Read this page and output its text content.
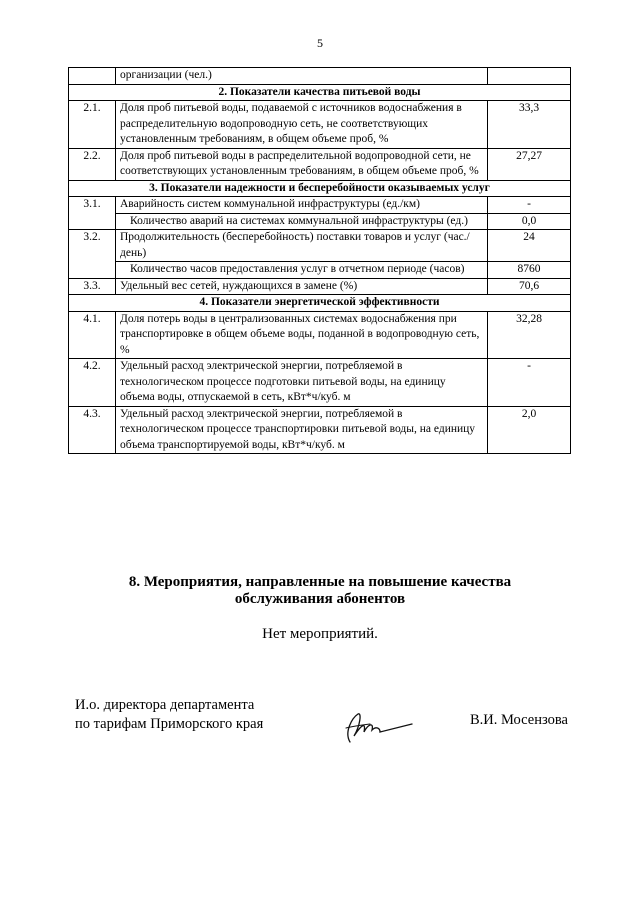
5
	организации (чел.)	
2. Показатели качества питьевой воды		
2.1.	Доля проб питьевой воды, подаваемой с источников водоснабжения в распределительную водопроводную сеть, не соответствующих установленным требованиям, в общем объеме проб, %	33,3
2.2.	Доля проб питьевой воды в распределительной водопроводной сети, не соответствующих установленным требованиям, в общем объеме проб, %	27,27
3. Показатели надежности и бесперебойности оказываемых услуг		
3.1.	Аварийность систем коммунальной инфраструктуры (ед./км)	-
	Количество аварий на системах коммунальной инфраструктуры (ед.)	0,0
3.2.	Продолжительность (бесперебойность) поставки товаров и услуг (час./день)	24
	Количество часов предоставления услуг в отчетном периоде (часов)	8760
3.3.	Удельный вес сетей, нуждающихся в замене (%)	70,6
4. Показатели энергетической эффективности		
4.1.	Доля потерь воды в централизованных системах водоснабжения при транспортировке в общем объеме воды, поданной в водопроводную сеть, %	32,28
4.2.	Удельный расход электрической энергии, потребляемой в технологическом процессе подготовки питьевой воды, на единицу объема воды, отпускаемой в сеть, кВт*ч/куб. м	-
4.3.	Удельный расход электрической энергии, потребляемой в технологическом процессе транспортировки питьевой воды, на единицу объема транспортируемой воды, кВт*ч/куб. м	2,0
8. Мероприятия, направленные на повышение качества
обслуживания абонентов
Нет мероприятий.
И.о. директора департамента
по тарифам Приморского края	В.И. Мосензова
